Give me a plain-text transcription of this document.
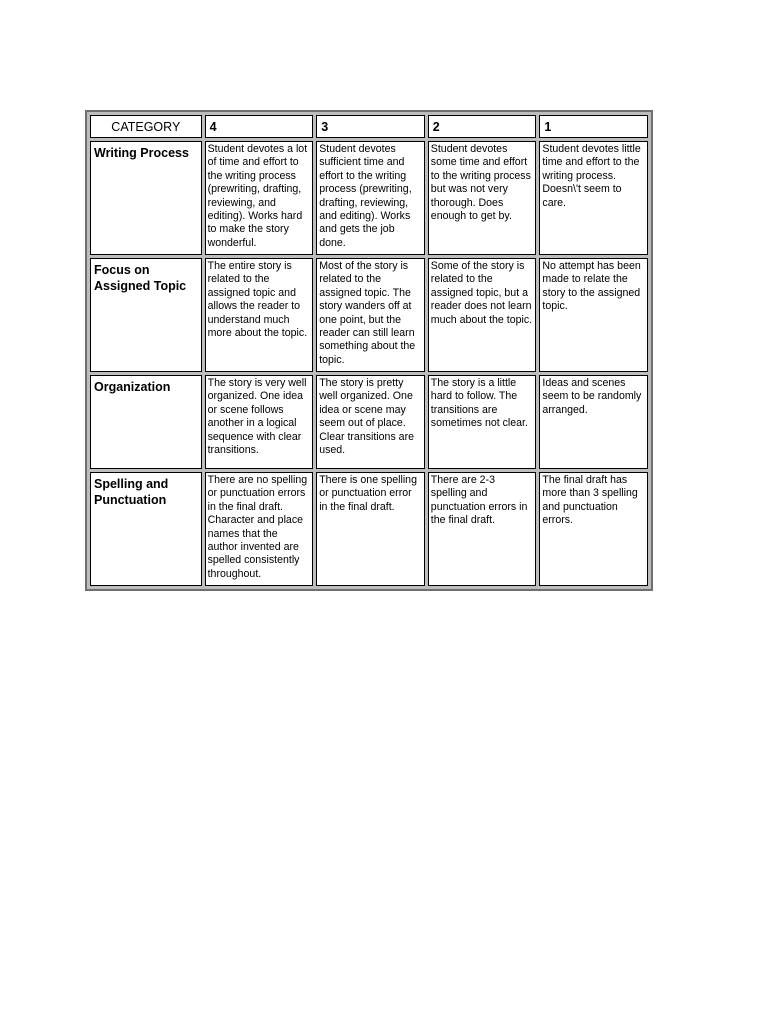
CATEGORY	4	3	2	1
Writing Process	Student devotes a lot of time and effort to the writing process (prewriting, drafting, reviewing, and editing). Works hard to make the story wonderful.	Student devotes sufficient time and effort to the writing process (prewriting, drafting, reviewing, and editing). Works and gets the job done.	Student devotes some time and effort to the writing process but was not very thorough. Does enough to get by.	Student devotes little time and effort to the writing process. Doesn\'t seem to care.
Focus on Assigned Topic	The entire story is related to the assigned topic and allows the reader to understand much more about the topic.	Most of the story is related to the assigned topic. The story wanders off at one point, but the reader can still learn something about the topic.	Some of the story is related to the assigned topic, but a reader does not learn much about the topic.	No attempt has been made to relate the story to the assigned topic.
Organization	The story is very well organized. One idea or scene follows another in a logical sequence with clear transitions.	The story is pretty well organized. One idea or scene may seem out of place. Clear transitions are used.	The story is a little hard to follow. The transitions are sometimes not clear.	Ideas and scenes seem to be randomly arranged.
Spelling and Punctuation	There are no spelling or punctuation errors in the final draft. Character and place names that the author invented are spelled consistently throughout.	There is one spelling or punctuation error in the final draft.	There are 2-3 spelling and punctuation errors in the final draft.	The final draft has more than 3 spelling and punctuation errors.
